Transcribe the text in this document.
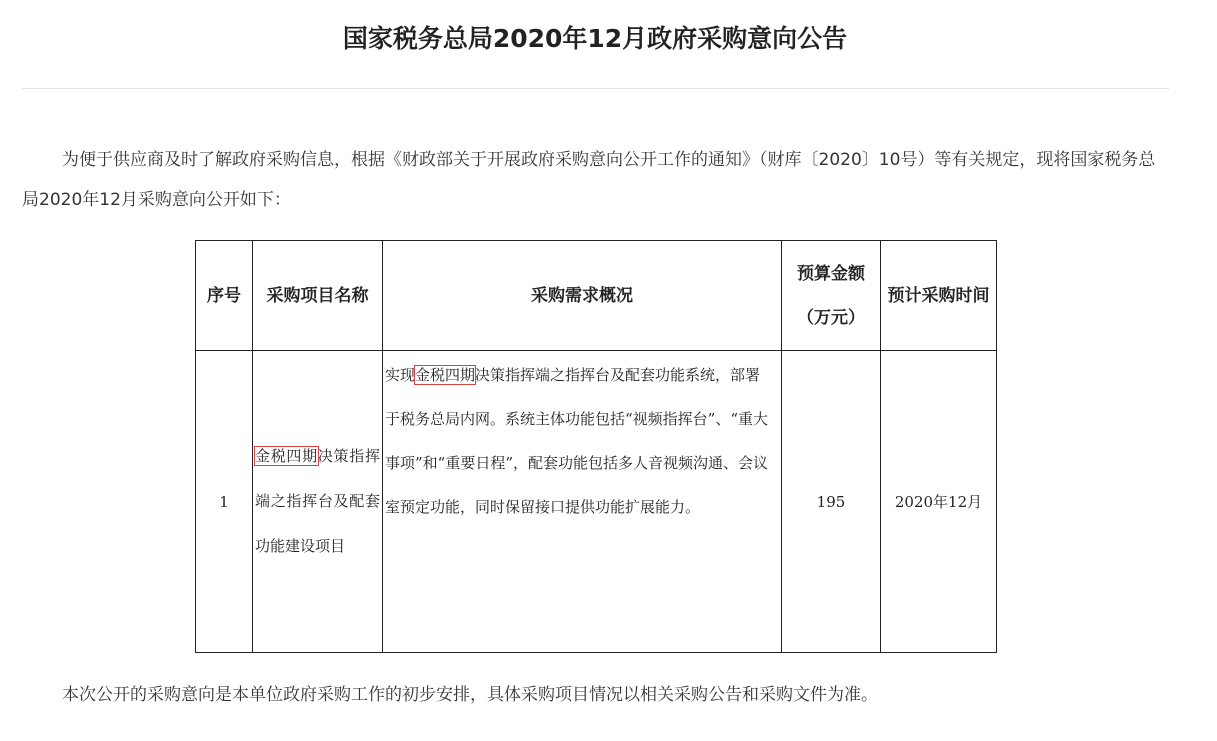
国家税务总局2020年12月政府采购意向公告

为便于供应商及时了解政府采购信息，根据《财政部关于开展政府采购意向公开工作的通知》（财库〔2020〕10号）等有关规定，现将国家税务总局2020年12月采购意向公开如下：

序号	采购项目名称	采购需求概况	预算金额（万元）	预计采购时间
1	金税四期决策指挥端之指挥台及配套功能建设项目	实现金税四期决策指挥端之指挥台及配套功能系统，部署于税务总局内网。系统主体功能包括“视频指挥台”、“重大事项”和“重要日程”，配套功能包括多人音视频沟通、会议室预定功能，同时保留接口提供功能扩展能力。	195	2020年12月

本次公开的采购意向是本单位政府采购工作的初步安排，具体采购项目情况以相关采购公告和采购文件为准。
